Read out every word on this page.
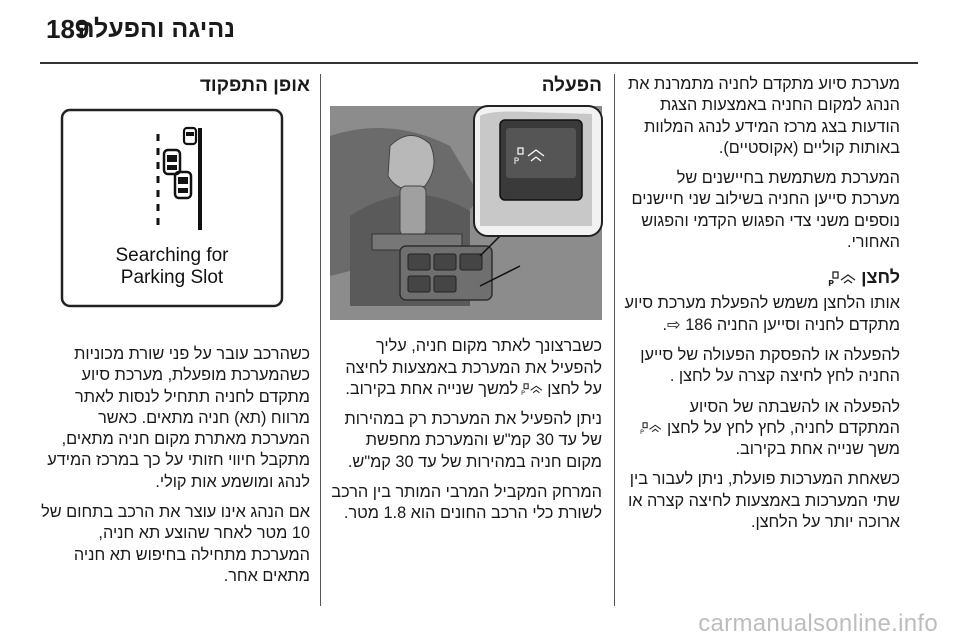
189
נהיגה והפעלה

מערכת סיוע מתקדם לחניה מתמרנת את הנהג למקום החניה באמצעות הצגת הודעות בצג מרכז המידע לנהג המלוות באותות קוליים (אקוסטיים).

המערכת משתמשת בחיישנים של מערכת סייען החניה בשילוב שני חיישנים נוספים משני צדי הפגוש הקדמי והפגוש האחורי.

לחצן
P

אותו הלחצן משמש להפעלת מערכת סיוע מתקדם לחניה וסייען החניה 186 ⇨.

להפעלה או להפסקת הפעולה של סייען החניה לחץ לחיצה קצרה על לחצן .

להפעלה או להשבתה של הסיוע המתקדם לחניה, לחץ לחץ על לחצן
P
משך שנייה אחת בקירוב.

כשאחת המערכות פועלת, ניתן לעבור בין שתי המערכות באמצעות לחיצה קצרה או ארוכה יותר על הלחצן.

הפעלה
P

כשברצונך לאתר מקום חניה, עליך להפעיל את המערכת באמצעות לחיצה על לחצן
P
למשך שנייה אחת בקירוב.

ניתן להפעיל את המערכת רק במהירות של עד 30 קמ"ש והמערכת מחפשת מקום חניה במהירות של עד 30 קמ"ש.

המרחק המקביל המרבי המותר בין הרכב לשורת כלי הרכב החונים הוא 1.8 מטר.

אופן התפקוד

כשהרכב עובר על פני שורת מכוניות כשהמערכת מופעלת, מערכת סיוע מתקדם לחניה תתחיל לנסות לאתר מרווח (תא) חניה מתאים. כאשר המערכת מאתרת מקום חניה מתאים, מתקבל חיווי חזותי על כך במרכז המידע לנהג ומושמע אות קולי.

אם הנהג אינו עוצר את הרכב בתחום של 10 מטר לאחר שהוצע תא חניה, המערכת מתחילה בחיפוש תא חניה מתאים אחר.

Searching for
Parking Slot
carmanualsonline.info
